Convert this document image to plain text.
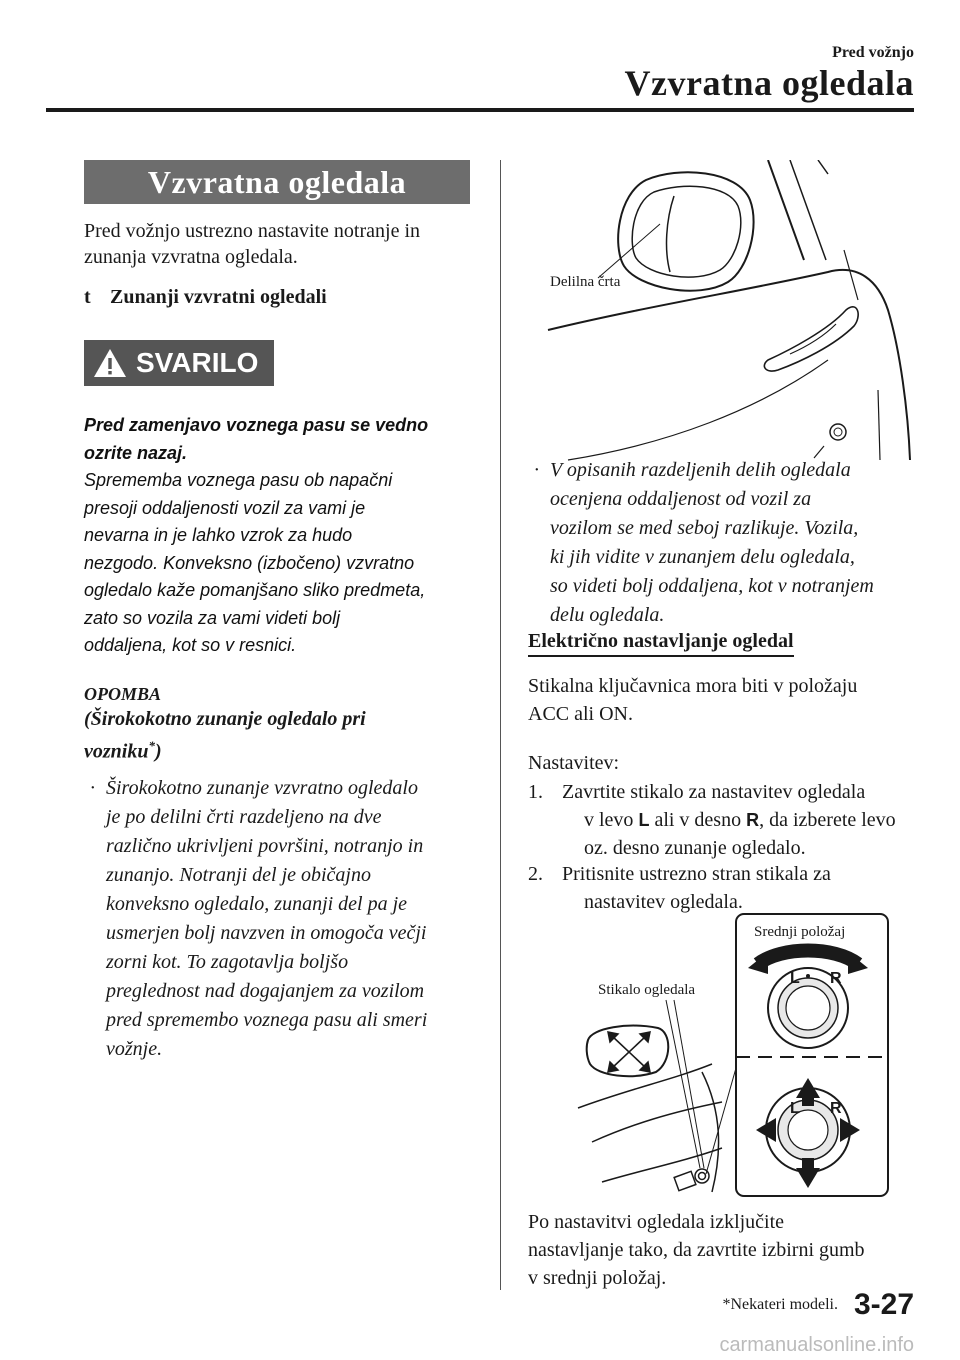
Pred vožnjo
Vzvratna ogledala
Vzvratna ogledala
Pred vožnjo ustrezno nastavite notranje in zunanja vzvratna ogledala.
t Zunanji vzvratni ogledali
SVARILO
Pred zamenjavo voznega pasu se vedno
ozrite nazaj.
Sprememba voznega pasu ob napačni
presoji oddaljenosti vozil za vami je
nevarna in je lahko vzrok za hudo
nezgodo. Konveksno (izbočeno) vzvratno
ogledalo kaže pomanjšano sliko predmeta,
zato so vozila za vami videti bolj
oddaljena, kot so v resnici.
OPOMBA
(Širokokotno zunanje ogledalo pri
vozniku*)
· Širokokotno zunanje vzvratno ogledalo
je po delilni črti razdeljeno na dve
različno ukrivljeni površini, notranjo in
zunanjo. Notranji del je običajno
konveksno ogledalo, zunanji del pa je
usmerjen bolj navzven in omogoča večji
zorni kot. To zagotavlja boljšo
preglednost nad dogajanjem za vozilom
pred spremembo voznega pasu ali smeri
vožnje.
Delilna črta
· V opisanih razdeljenih delih ogledala
ocenjena oddaljenost od vozil za
vozilom se med seboj razlikuje. Vozila,
ki jih vidite v zunanjem delu ogledala,
so videti bolj oddaljena, kot v notranjem
delu ogledala.
Električno nastavljanje ogledal
Stikalna ključavnica mora biti v položaju
ACC ali ON.
Nastavitev:
1. Zavrtite stikalo za nastavitev ogledala
v levo L ali v desno R, da izberete levo
oz. desno zunanje ogledalo.
2. Pritisnite ustrezno stran stikala za
nastavitev ogledala.
L R
L R
Srednji položaj
Stikalo ogledala
Po nastavitvi ogledala izključite
nastavljanje tako, da zavrtite izbirni gumb
v srednji položaj.
*Nekateri modeli. 3-27
carmanualsonline.info
